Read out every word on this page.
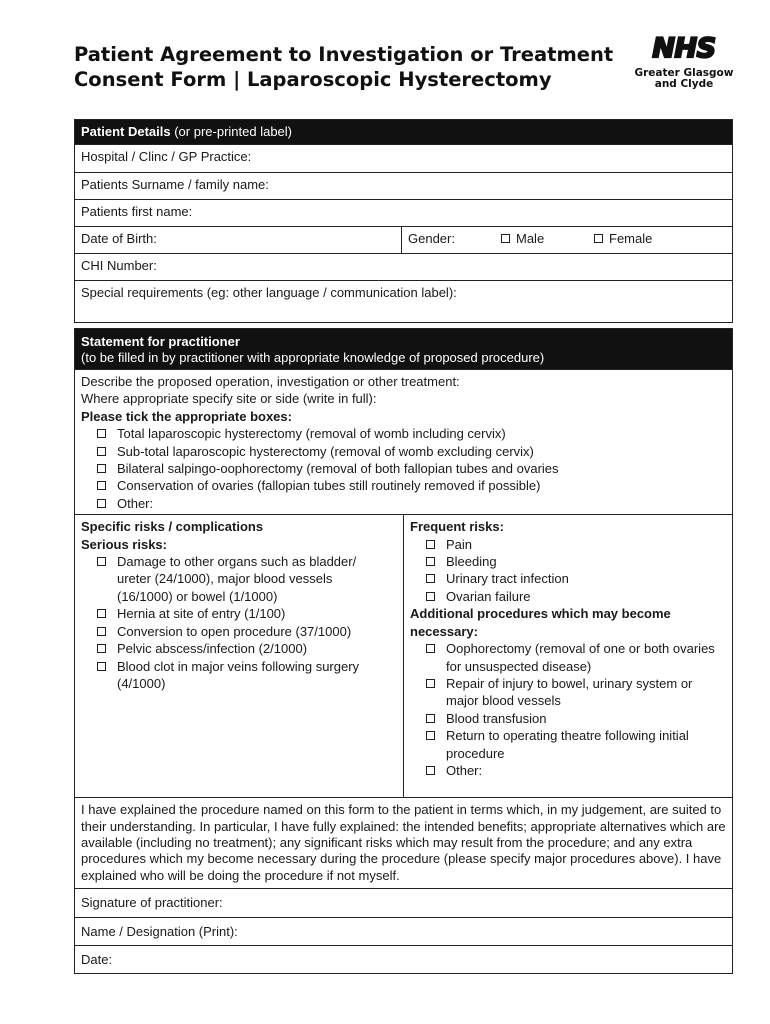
Patient Agreement to Investigation or Treatment
Consent Form | Laparoscopic Hysterectomy
NHS
Greater Glasgow
and Clyde
Patient Details (or pre-printed label)
Hospital / Clinc / GP Practice:
Patients Surname / family name:
Patients first name:
Date of Birth:	Gender:	Male	Female
CHI Number:
Special requirements (eg: other language / communication label):
Statement for practitioner
(to be filled in by practitioner with appropriate knowledge of proposed procedure)
Describe the proposed operation, investigation or other treatment:
Where appropriate specify site or side (write in full):
Please tick the appropriate boxes:
Total laparoscopic hysterectomy (removal of womb including cervix)
Sub-total laparoscopic hysterectomy (removal of womb excluding cervix)
Bilateral salpingo-oophorectomy (removal of both fallopian tubes and ovaries
Conservation of ovaries (fallopian tubes still routinely removed if possible)
Other:
Specific risks / complications
Serious risks:
Damage to other organs such as bladder/ ureter (24/1000), major blood vessels (16/1000) or bowel (1/1000)
Hernia at site of entry (1/100)
Conversion to open procedure (37/1000)
Pelvic abscess/infection (2/1000)
Blood clot in major veins following surgery (4/1000)
Frequent risks:
Pain
Bleeding
Urinary tract infection
Ovarian failure
Additional procedures which may become necessary:
Oophorectomy (removal of one or both ovaries for unsuspected disease)
Repair of injury to bowel, urinary system or major blood vessels
Blood transfusion
Return to operating theatre following initial procedure
Other:
I have explained the procedure named on this form to the patient in terms which, in my judgement, are suited to their understanding. In particular, I have fully explained: the intended benefits; appropriate alternatives which are available (including no treatment); any significant risks which may result from the procedure; and any extra procedures which my become necessary during the procedure (please specify major procedures above). I have explained who will be doing the procedure if not myself.
Signature of practitioner:
Name / Designation (Print):
Date:
